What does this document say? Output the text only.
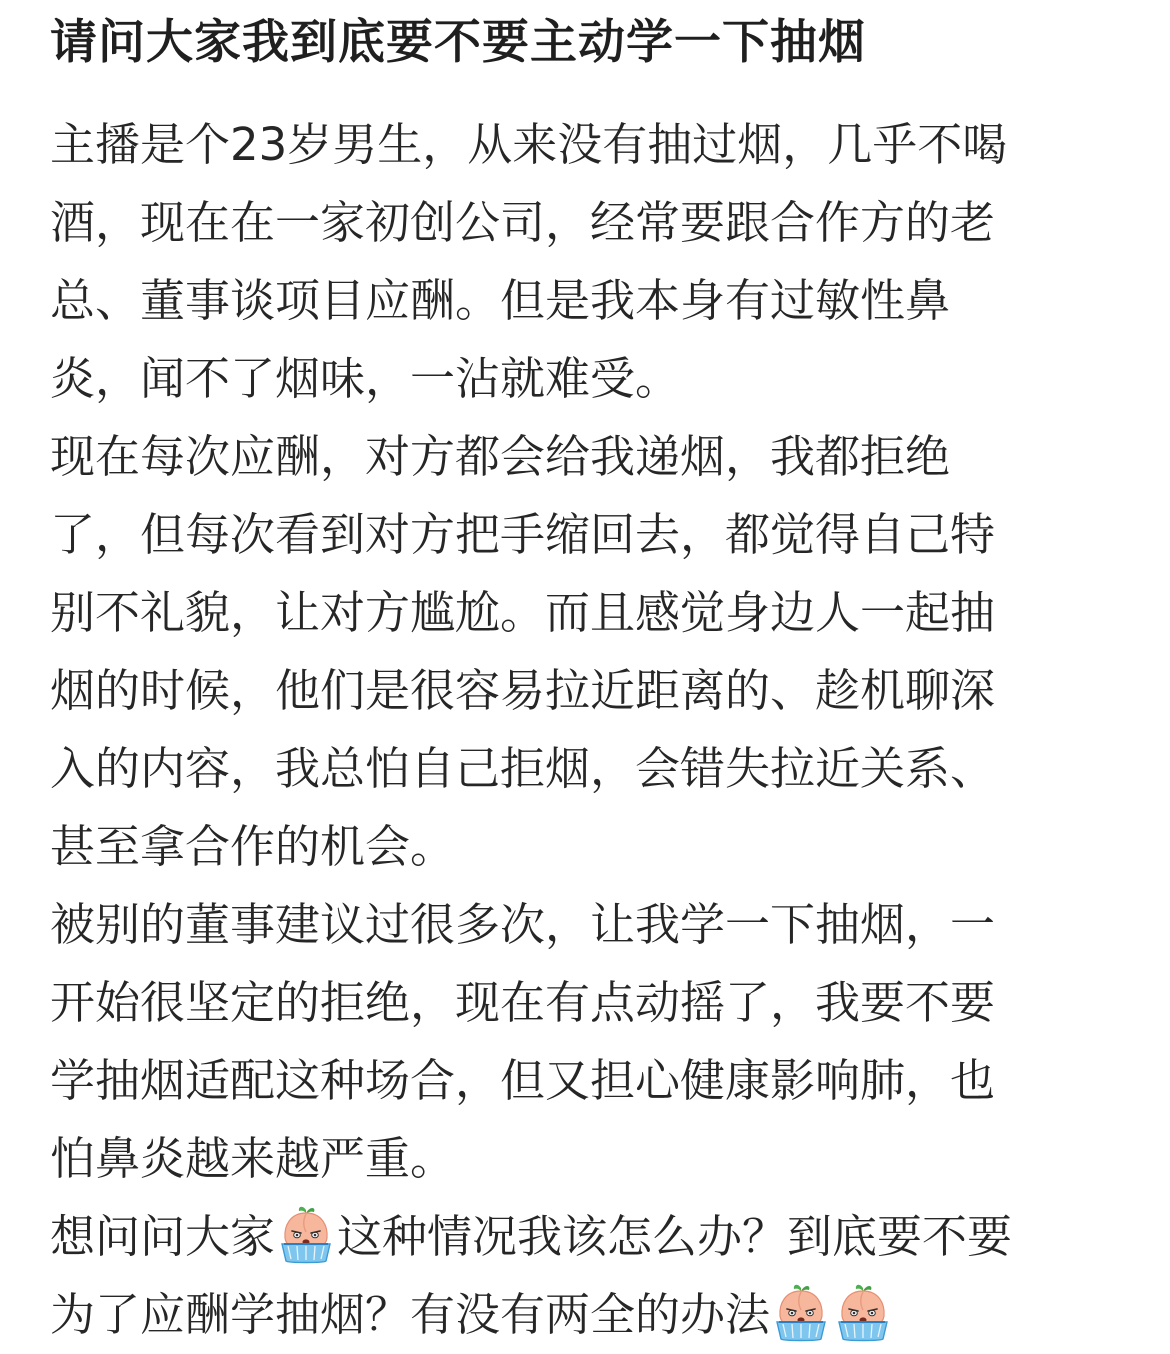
请问大家我到底要不要主动学一下抽烟
主播是个23岁男生，从来没有抽过烟，几乎不喝
酒，现在在一家初创公司，经常要跟合作方的老
总、董事谈项目应酬。但是我本身有过敏性鼻
炎，闻不了烟味，一沾就难受。
现在每次应酬，对方都会给我递烟，我都拒绝
了，但每次看到对方把手缩回去，都觉得自己特
别不礼貌，让对方尴尬。而且感觉身边人一起抽
烟的时候，他们是很容易拉近距离的、趁机聊深
入的内容，我总怕自己拒烟，会错失拉近关系、
甚至拿合作的机会。
被别的董事建议过很多次，让我学一下抽烟，一
开始很坚定的拒绝，现在有点动摇了，我要不要
学抽烟适配这种场合，但又担心健康影响肺，也
怕鼻炎越来越严重。
想问问大家 这种情况我该怎么办？到底要不要
为了应酬学抽烟？有没有两全的办法
